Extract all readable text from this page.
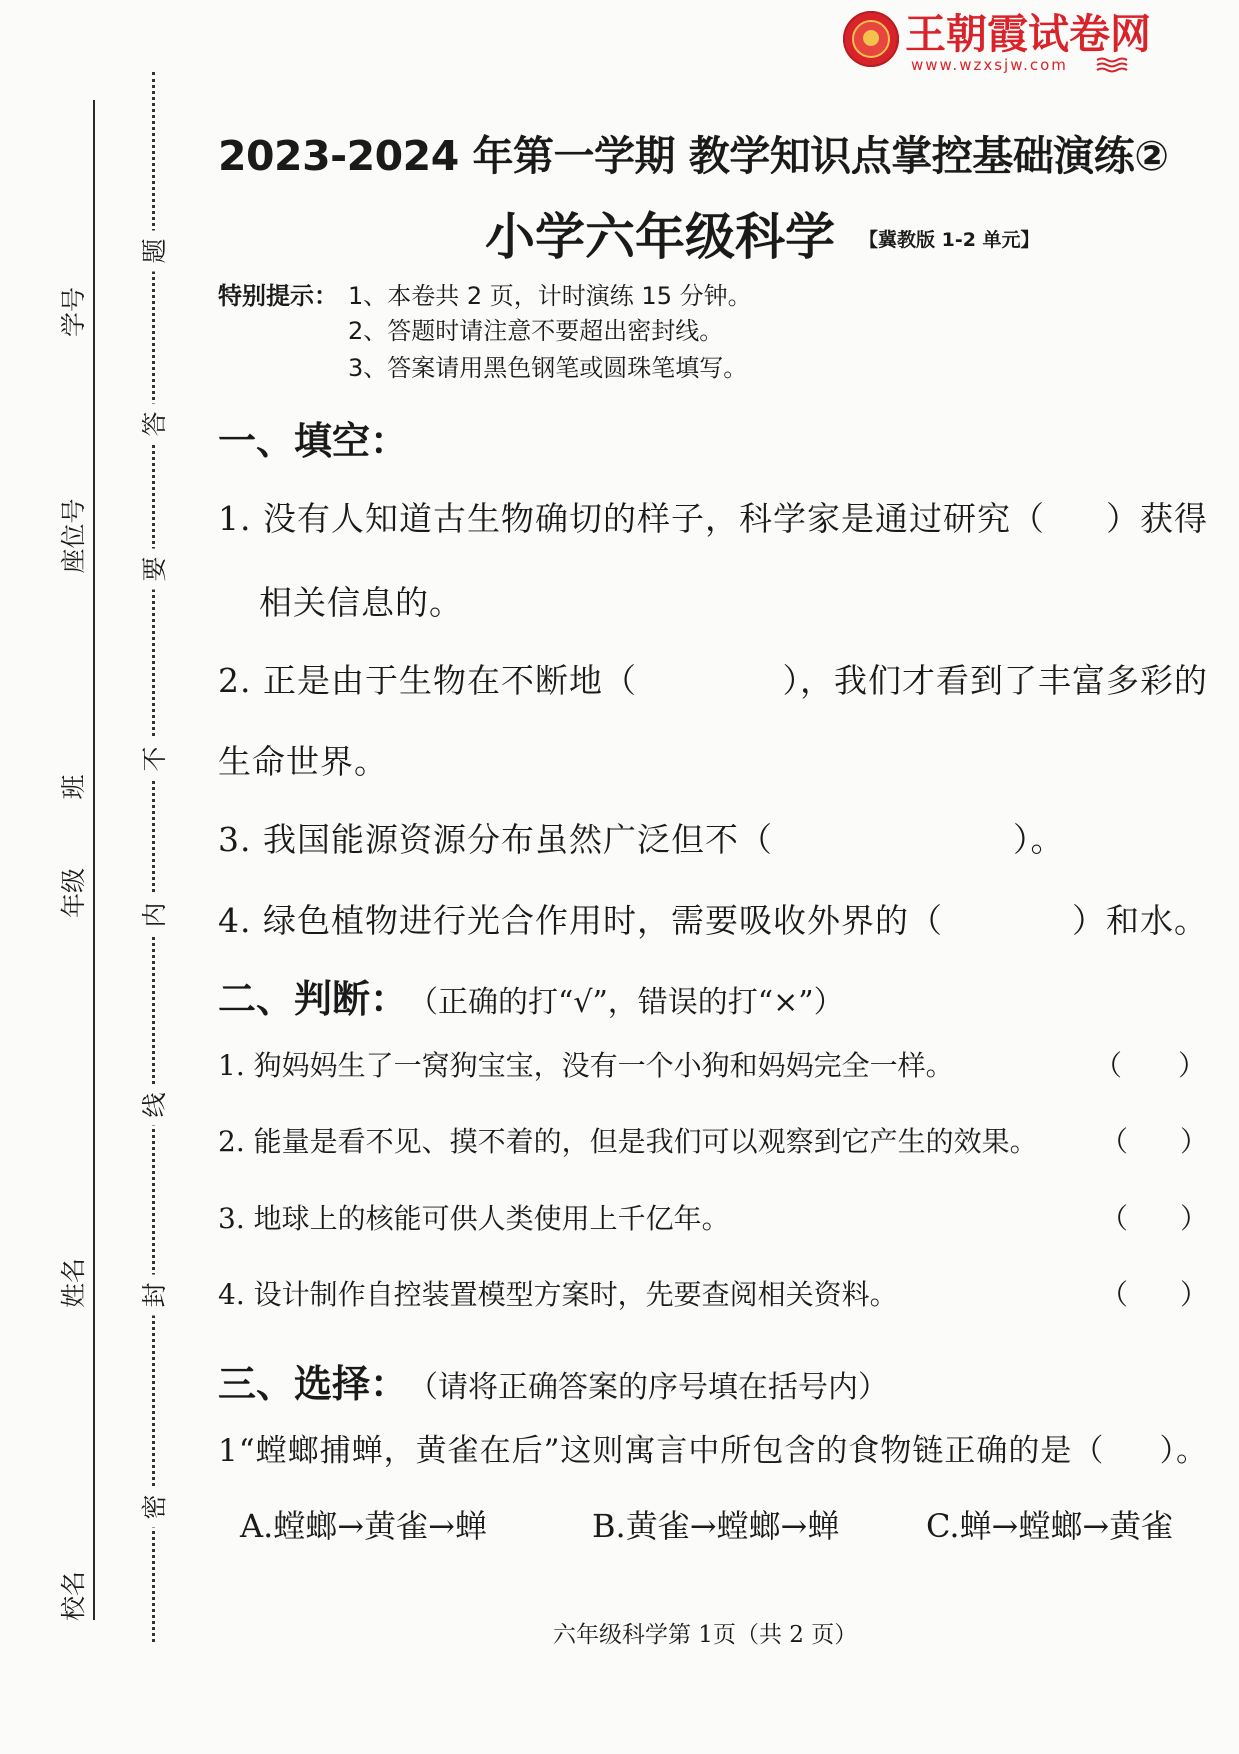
王朝霞试卷网
www.wzxsjw.com
学号
座位号
班
年级
姓名
校名
密
封
线
内
不
要
答
题
2023-2024 年第一学期 教学知识点掌控基础演练②
小学六年级科学 【冀教版 1-2 单元】
特别提示： 1、本卷共 2 页，计时演练 15 分钟。
2、答题时请注意不要超出密封线。
3、答案请用黑色钢笔或圆珠笔填写。
一、填空：
1. 没有人知道古生物确切的样子，科学家是通过研究（ ）获得
相关信息的。
2. 正是由于生物在不断地（	），我们才看到了丰富多彩的
生命世界。
3. 我国能源资源分布虽然广泛但不（	）。
4. 绿色植物进行光合作用时，需要吸收外界的（	）和水。
二、判断： （正确的打“√”，错误的打“×”）
1. 狗妈妈生了一窝狗宝宝，没有一个小狗和妈妈完全一样。	（ ）
2. 能量是看不见、摸不着的，但是我们可以观察到它产生的效果。 （ ）
3. 地球上的核能可供人类使用上千亿年。	（ ）
4. 设计制作自控装置模型方案时，先要查阅相关资料。	（ ）
三、选择： （请将正确答案的序号填在括号内）
1“螳螂捕蝉，黄雀在后”这则寓言中所包含的食物链正确的是（ ）。
A.螳螂→黄雀→蝉	B.黄雀→螳螂→蝉	C.蝉→螳螂→黄雀
六年级科学第 1页（共 2 页）
